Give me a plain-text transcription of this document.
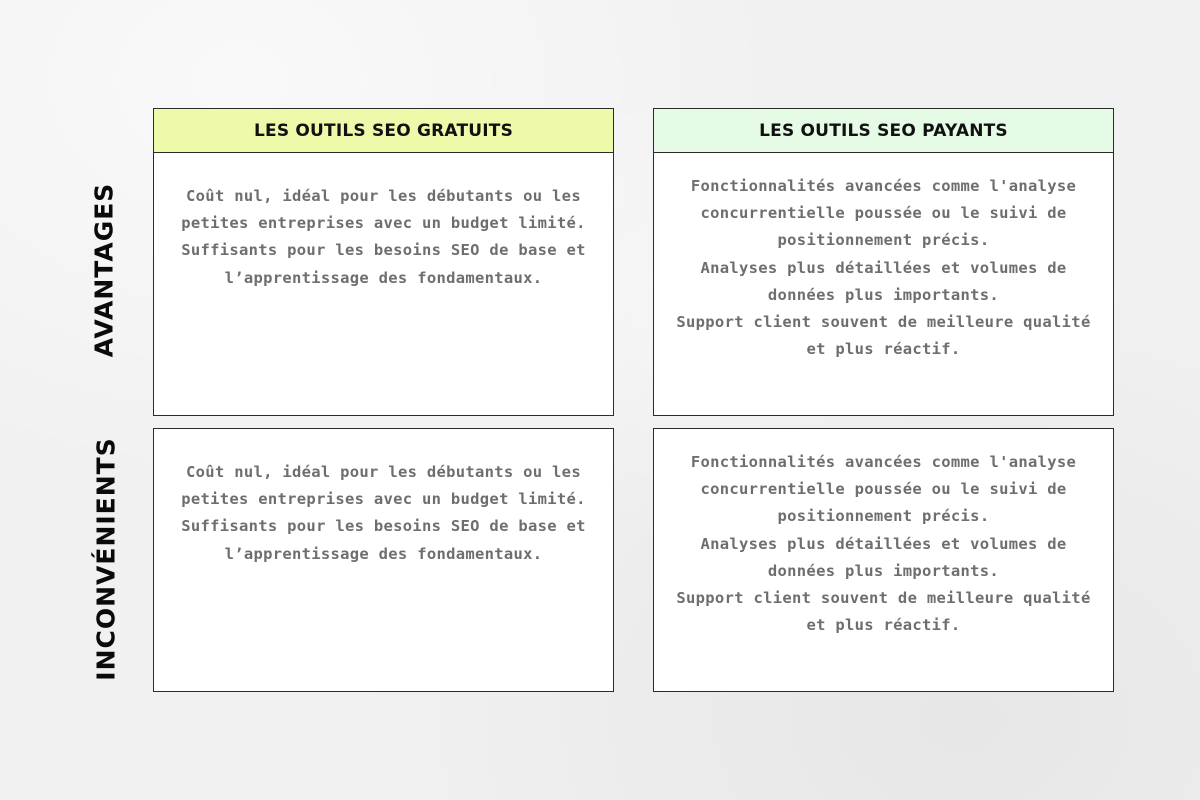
LES OUTILS SEO GRATUITS	LES OUTILS SEO PAYANTS
AVANTAGES
INCONVÉNIENTS

Coût nul, idéal pour les débutants ou les petites entreprises avec un budget limité.

Suffisants pour les besoins SEO de base et l’apprentissage des fondamentaux.

Fonctionnalités avancées comme l'analyse concurrentielle poussée ou le suivi de positionnement précis.

Analyses plus détaillées et volumes de données plus importants.

Support client souvent de meilleure qualité et plus réactif.

Coût nul, idéal pour les débutants ou les petites entreprises avec un budget limité.

Suffisants pour les besoins SEO de base et l’apprentissage des fondamentaux.

Fonctionnalités avancées comme l'analyse concurrentielle poussée ou le suivi de positionnement précis.

Analyses plus détaillées et volumes de données plus importants.

Support client souvent de meilleure qualité et plus réactif.
